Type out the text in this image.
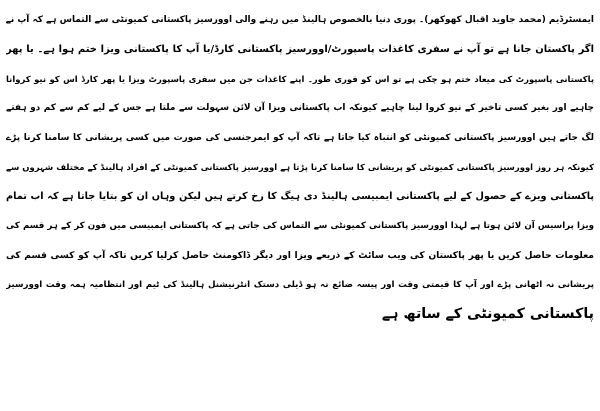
ایمسٹرڈیم (محمد جاوید اقبال کھوکھر)۔ پوری دنیا بالخصوص ہالینڈ میں رہنے والی اوورسیز پاکستانی کمیونٹی سے التماس ہے کہ آپ نے
اگر پاکستان جانا ہے تو آپ نے سفری کاغذات پاسپورٹ/اوورسیز پاکستانی کارڈ/یا آپ کا پاکستانی ویزا ختم ہوا ہے۔ یا پھر
پاکستانی پاسپورٹ کی میعاد ختم ہو چکی ہے تو اس کو فوری طور۔ اپنے کاغذات جن میں سفری پاسپورٹ ویزا یا پھر کارڈ اس کو نیو کروانا
چاہیے اور بغیر کسی تاخیر کے نیو کروا لینا چاہیے کیونکہ اب پاکستانی ویزا آن لائن سہولت سے ملتا ہے جس کے لیے کم سے کم دو ہفتے
لگ جاتے ہیں اوورسیز پاکستانی کمیونٹی کو انتباہ کیا جاتا ہے تاکہ آپ کو ایمرجنسی کی صورت میں کسی پریشانی کا سامنا کرنا پڑے
کیونکہ ہر روز اوورسیز پاکستانی کمیونٹی کو پریشانی کا سامنا کرنا پڑتا ہے اوورسیز پاکستانی کمیونٹی کے افراد ہالینڈ کے مختلف شہروں سے
پاکستانی ویزے کے حصول کے لیے پاکستانی ایمبیسی ہالینڈ دی ہیگ کا رخ کرتے ہیں لیکن وہاں ان کو بتایا جاتا ہے کہ اب تمام
ویزا پراسیس آن لائن ہوتا ہے لہذا اوورسیز پاکستانی کمیونٹی سے التماس کی جاتی ہے کہ پاکستانی ایمبیسی میں فون کر کے ہر قسم کی
معلومات حاصل کریں یا پھر پاکستان کی ویب سائٹ کے ذریعے ویزا اور دیگر ڈاکومنٹ حاصل کرلیا کریں تاکہ آپ کو کسی قسم کی
پریشانی نہ اٹھانی پڑے اور آپ کا قیمتی وقت اور پیسہ ضائع نہ ہو ڈیلی دستک انٹرنیشنل ہالینڈ کی ٹیم اور انتظامیہ ہمہ وقت اوورسیز
پاکستانی کمیونٹی کے ساتھ ہے
